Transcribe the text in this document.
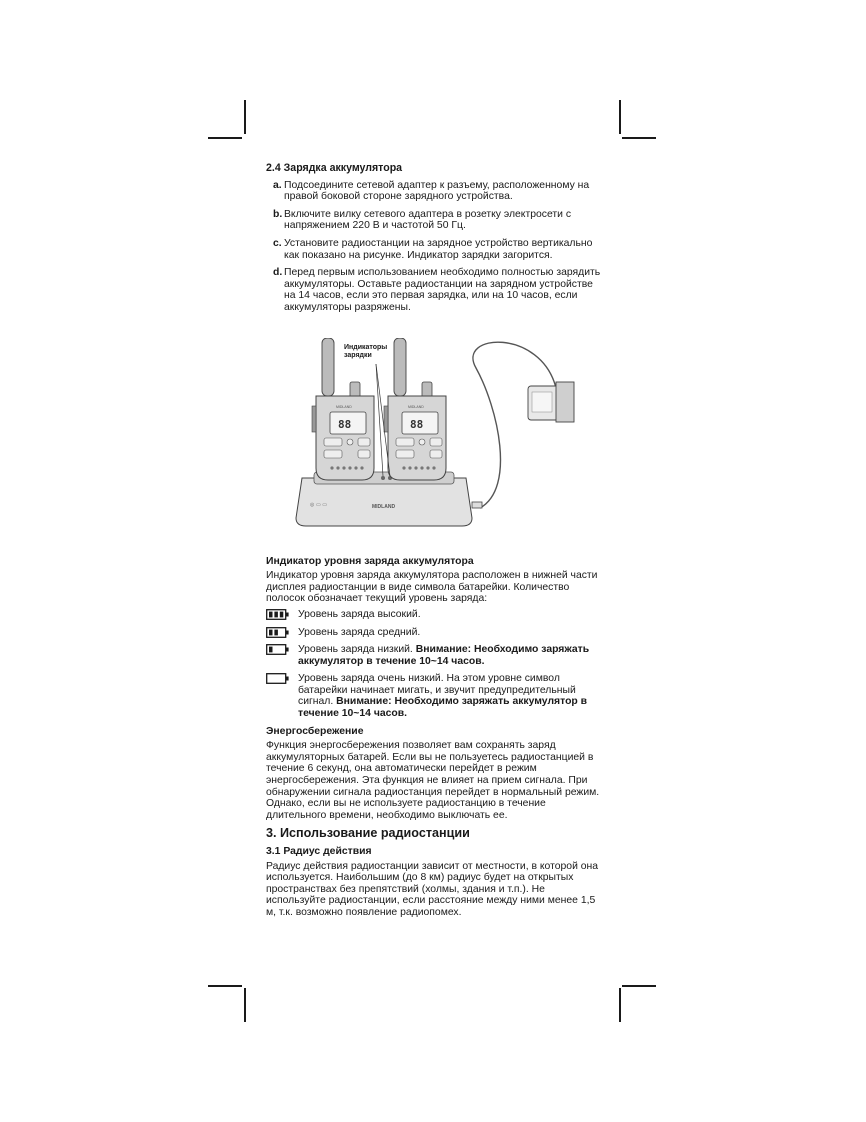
2.4 Зарядка аккумулятора
a. Подсоедините сетевой адаптер к разъему, расположенному на правой боковой стороне зарядного устройства.
b. Включите вилку сетевого адаптера в розетку электросети с напряжением 220 В и частотой 50 Гц.
c. Установите радиостанции на зарядное устройство вертикально как показано на рисунке. Индикатор зарядки загорится.
d. Перед первым использованием необходимо полностью зарядить аккумуляторы. Оставьте радиостанции на зарядном устройстве на 14 часов, если это первая зарядка, или на 10 часов, если аккумуляторы разряжены.
◎ ▭ ▭	MIDLAND
88
MIDLAND
88
MIDLAND
Индикаторы зарядки
Индикатор уровня заряда аккумулятора

Индикатор уровня заряда аккумулятора расположен в нижней части дисплея радиостанции в виде символа батарейки. Количество полосок обозначает текущий уровень заряда:

Уровень заряда высокий.
Уровень заряда средний.
Уровень заряда низкий. Внимание: Необходимо заряжать аккумулятор в течение 10~14 часов.
Уровень заряда очень низкий. На этом уровне символ батарейки начинает мигать, и звучит предупредительный сигнал. Внимание: Необходимо заряжать аккумулятор в течение 10~14 часов.
Энергосбережение

Функция энергосбережения позволяет вам сохранять заряд аккумуляторных батарей. Если вы не пользуетесь радиостанцией в течение 6 секунд, она автоматически перейдет в режим энергосбережения. Эта функция не влияет на прием сигнала. При обнаружении сигнала радиостанция перейдет в нормальный режим. Однако, если вы не используете радиостанцию в течение длительного времени, необходимо выключать ее.

3. Использование радиостанции
3.1 Радиус действия

Радиус действия радиостанции зависит от местности, в которой она используется. Наибольшим (до 8 км) радиус будет на открытых пространствах без препятствий (холмы, здания и т.п.). Не используйте радиостанции, если расстояние между ними менее 1,5 м, т.к. возможно появление радиопомех.
